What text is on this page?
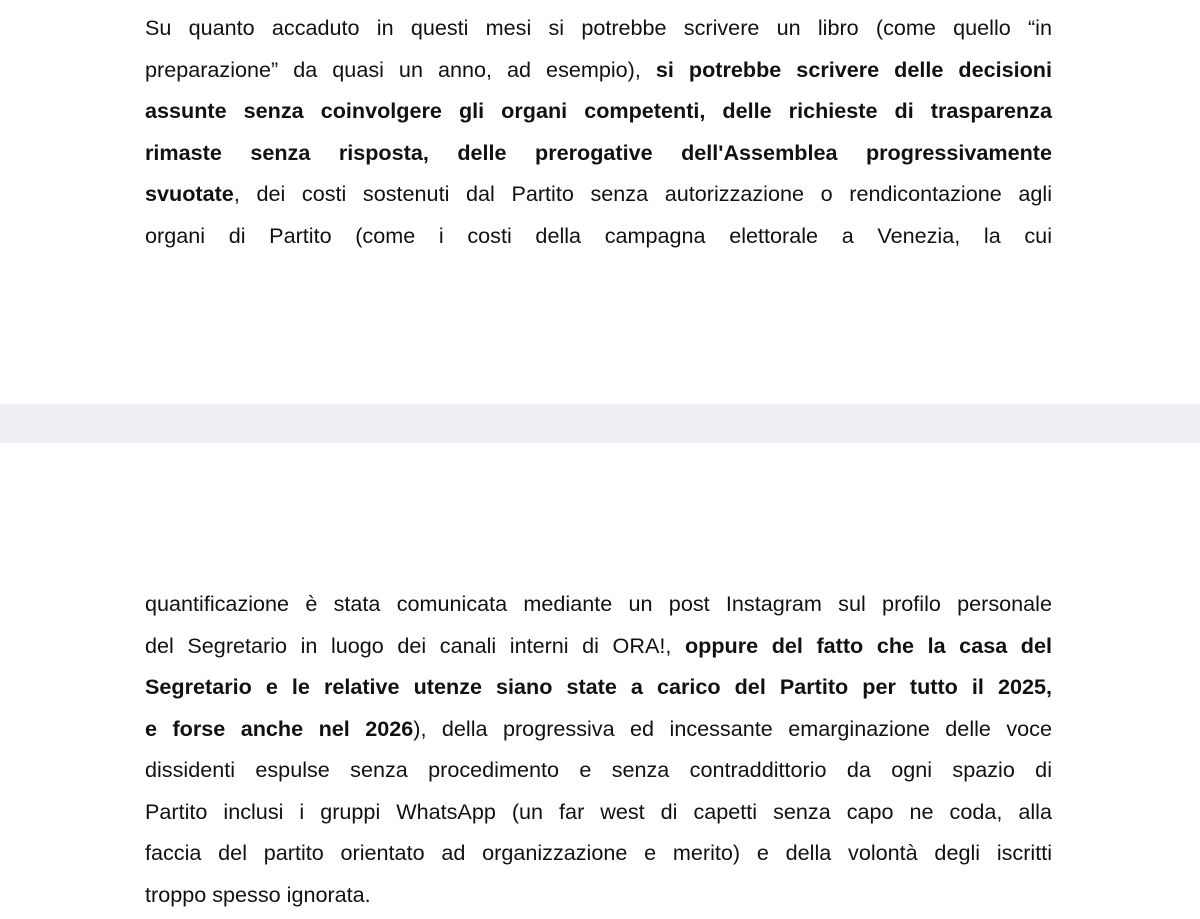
Su quanto accaduto in questi mesi si potrebbe scrivere un libro (come quello “in
preparazione” da quasi un anno, ad esempio), si potrebbe scrivere delle decisioni
assunte senza coinvolgere gli organi competenti, delle richieste di trasparenza
rimaste senza risposta, delle prerogative dell'Assemblea progressivamente
svuotate, dei costi sostenuti dal Partito senza autorizzazione o rendicontazione agli
organi di Partito (come i costi della campagna elettorale a Venezia, la cui
quantificazione è stata comunicata mediante un post Instagram sul profilo personale
del Segretario in luogo dei canali interni di ORA!, oppure del fatto che la casa del
Segretario e le relative utenze siano state a carico del Partito per tutto il 2025,
e forse anche nel 2026), della progressiva ed incessante emarginazione delle voce
dissidenti espulse senza procedimento e senza contraddittorio da ogni spazio di
Partito inclusi i gruppi WhatsApp (un far west di capetti senza capo ne coda, alla
faccia del partito orientato ad organizzazione e merito) e della volontà degli iscritti
troppo spesso ignorata.
